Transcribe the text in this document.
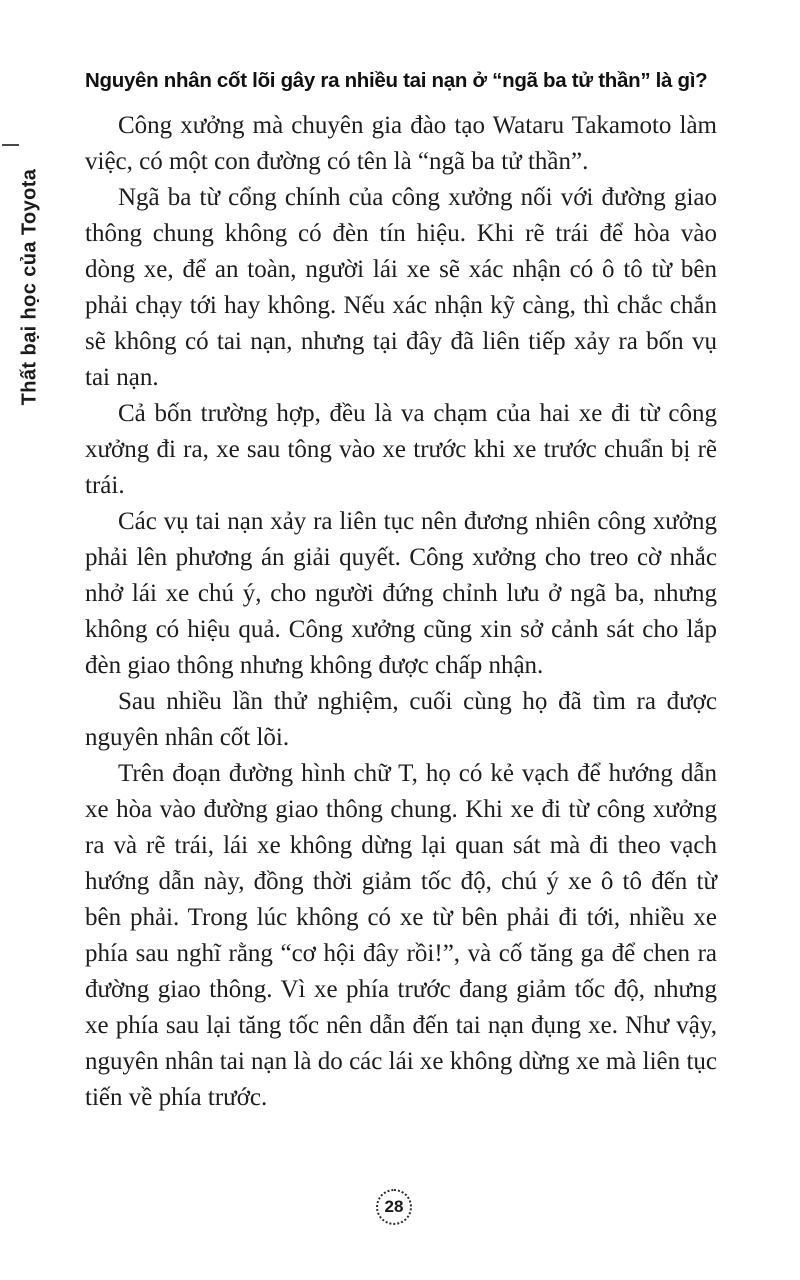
Thất bại học của Toyota
Nguyên nhân cốt lõi gây ra nhiều tai nạn ở “ngã ba tử thần” là gì?

Công xưởng mà chuyên gia đào tạo Wataru Takamoto làm việc, có một con đường có tên là “ngã ba tử thần”.

Ngã ba từ cổng chính của công xưởng nối với đường giao thông chung không có đèn tín hiệu. Khi rẽ trái để hòa vào dòng xe, để an toàn, người lái xe sẽ xác nhận có ô tô từ bên phải chạy tới hay không. Nếu xác nhận kỹ càng, thì chắc chắn sẽ không có tai nạn, nhưng tại đây đã liên tiếp xảy ra bốn vụ tai nạn.

Cả bốn trường hợp, đều là va chạm của hai xe đi từ công xưởng đi ra, xe sau tông vào xe trước khi xe trước chuẩn bị rẽ trái.

Các vụ tai nạn xảy ra liên tục nên đương nhiên công xưởng phải lên phương án giải quyết. Công xưởng cho treo cờ nhắc nhở lái xe chú ý, cho người đứng chỉnh lưu ở ngã ba, nhưng không có hiệu quả. Công xưởng cũng xin sở cảnh sát cho lắp đèn giao thông nhưng không được chấp nhận.

Sau nhiều lần thử nghiệm, cuối cùng họ đã tìm ra được nguyên nhân cốt lõi.

Trên đoạn đường hình chữ T, họ có kẻ vạch để hướng dẫn xe hòa vào đường giao thông chung. Khi xe đi từ công xưởng ra và rẽ trái, lái xe không dừng lại quan sát mà đi theo vạch hướng dẫn này, đồng thời giảm tốc độ, chú ý xe ô tô đến từ bên phải. Trong lúc không có xe từ bên phải đi tới, nhiều xe phía sau nghĩ rằng “cơ hội đây rồi!”, và cố tăng ga để chen ra đường giao thông. Vì xe phía trước đang giảm tốc độ, nhưng xe phía sau lại tăng tốc nên dẫn đến tai nạn đụng xe. Như vậy, nguyên nhân tai nạn là do các lái xe không dừng xe mà liên tục tiến về phía trước.

28
